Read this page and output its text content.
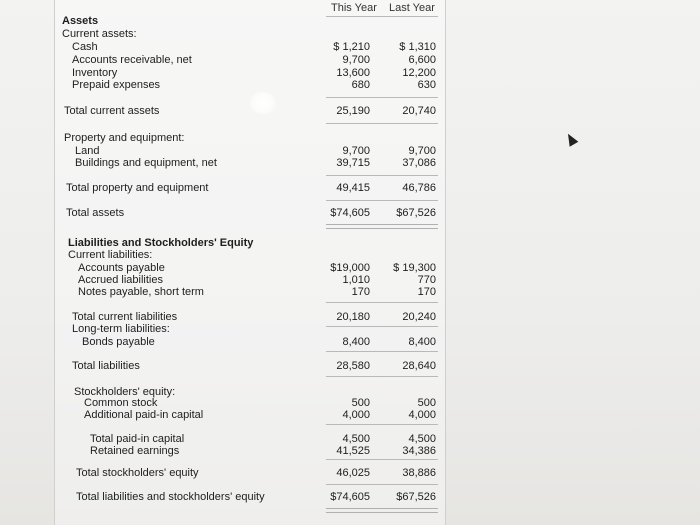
This Year Last Year
Assets
Current assets:
Cash	$ 1,210	$ 1,310
Accounts receivable, net	9,700	6,600
Inventory	13,600	12,200
Prepaid expenses	680	630
Total current assets	25,190	20,740
Property and equipment:
Land	9,700	9,700
Buildings and equipment, net	39,715	37,086
Total property and equipment	49,415	46,786
Total assets	$74,605 $67,526
Liabilities and Stockholders' Equity
Current liabilities:
Accounts payable	$19,000 $ 19,300
Accrued liabilities	1,010	770
Notes payable, short term	170	170
Total current liabilities	20,180	20,240
Long-term liabilities:
Bonds payable	8,400	8,400
Total liabilities	28,580	28,640
Stockholders' equity:
Common stock	500	500
Additional paid-in capital	4,000	4,000
Total paid-in capital	4,500	4,500
Retained earnings	41,525	34,386
Total stockholders' equity	46,025	38,886
Total liabilities and stockholders' equity	$74,605 $67,526
